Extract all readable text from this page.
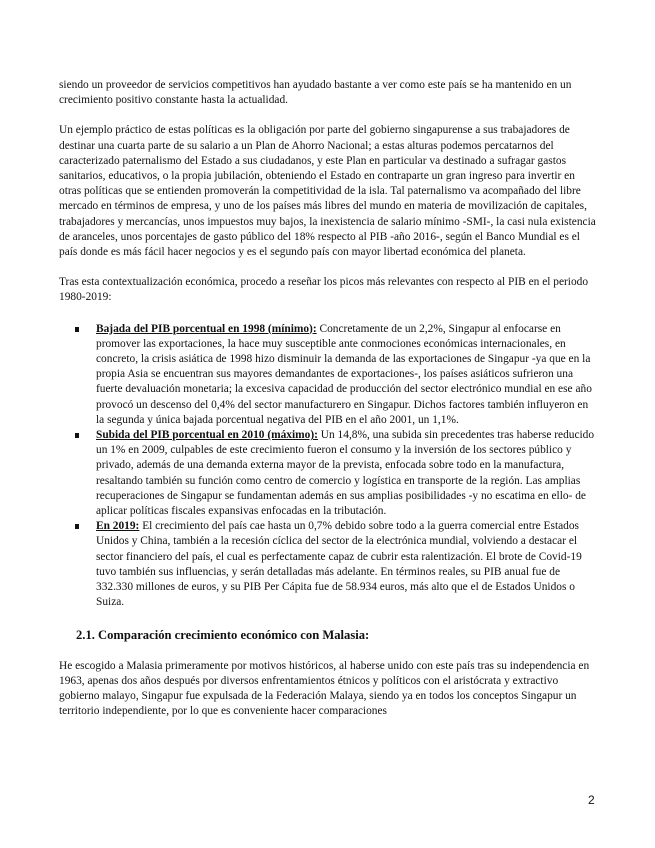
siendo un proveedor de servicios competitivos han ayudado bastante a ver como este país se ha mantenido en un crecimiento positivo constante hasta la actualidad.

Un ejemplo práctico de estas políticas es la obligación por parte del gobierno singapurense a sus trabajadores de destinar una cuarta parte de su salario a un Plan de Ahorro Nacional; a estas alturas podemos percatarnos del caracterizado paternalismo del Estado a sus ciudadanos, y este Plan en particular va destinado a sufragar gastos sanitarios, educativos, o la propia jubilación, obteniendo el Estado en contraparte un gran ingreso para invertir en otras políticas que se entienden promoverán la competitividad de la isla. Tal paternalismo va acompañado del libre mercado en términos de empresa, y uno de los países más libres del mundo en materia de movilización de capitales, trabajadores y mercancías, unos impuestos muy bajos, la inexistencia de salario mínimo -SMI-, la casi nula existencia de aranceles, unos porcentajes de gasto público del 18% respecto al PIB -año 2016-, según el Banco Mundial es el país donde es más fácil hacer negocios y es el segundo país con mayor libertad económica del planeta.

Tras esta contextualización económica, procedo a reseñar los picos más relevantes con respecto al PIB en el periodo 1980-2019:

Bajada del PIB porcentual en 1998 (mínimo): Concretamente de un 2,2%, Singapur al enfocarse en promover las exportaciones, la hace muy susceptible ante conmociones económicas internacionales, en concreto, la crisis asiática de 1998 hizo disminuir la demanda de las exportaciones de Singapur -ya que en la propia Asia se encuentran sus mayores demandantes de exportaciones-, los países asiáticos sufrieron una fuerte devaluación monetaria; la excesiva capacidad de producción del sector electrónico mundial en ese año provocó un descenso del 0,4% del sector manufacturero en Singapur. Dichos factores también influyeron en la segunda y única bajada porcentual negativa del PIB en el año 2001, un 1,1%.
Subida del PIB porcentual en 2010 (máximo): Un 14,8%, una subida sin precedentes tras haberse reducido un 1% en 2009, culpables de este crecimiento fueron el consumo y la inversión de los sectores público y privado, además de una demanda externa mayor de la prevista, enfocada sobre todo en la manufactura, resaltando también su función como centro de comercio y logística en transporte de la región. Las amplias recuperaciones de Singapur se fundamentan además en sus amplias posibilidades -y no escatima en ello- de aplicar políticas fiscales expansivas enfocadas en la tributación.
En 2019: El crecimiento del país cae hasta un 0,7% debido sobre todo a la guerra comercial entre Estados Unidos y China, también a la recesión cíclica del sector de la electrónica mundial, volviendo a destacar el sector financiero del país, el cual es perfectamente capaz de cubrir esta ralentización. El brote de Covid-19 tuvo también sus influencias, y serán detalladas más adelante. En términos reales, su PIB anual fue de 332.330 millones de euros, y su PIB Per Cápita fue de 58.934 euros, más alto que el de Estados Unidos o Suiza.
2.1. Comparación crecimiento económico con Malasia:

He escogido a Malasia primeramente por motivos históricos, al haberse unido con este país tras su independencia en 1963, apenas dos años después por diversos enfrentamientos étnicos y políticos con el aristócrata y extractivo gobierno malayo, Singapur fue expulsada de la Federación Malaya, siendo ya en todos los conceptos Singapur un territorio independiente, por lo que es conveniente hacer comparaciones

2
